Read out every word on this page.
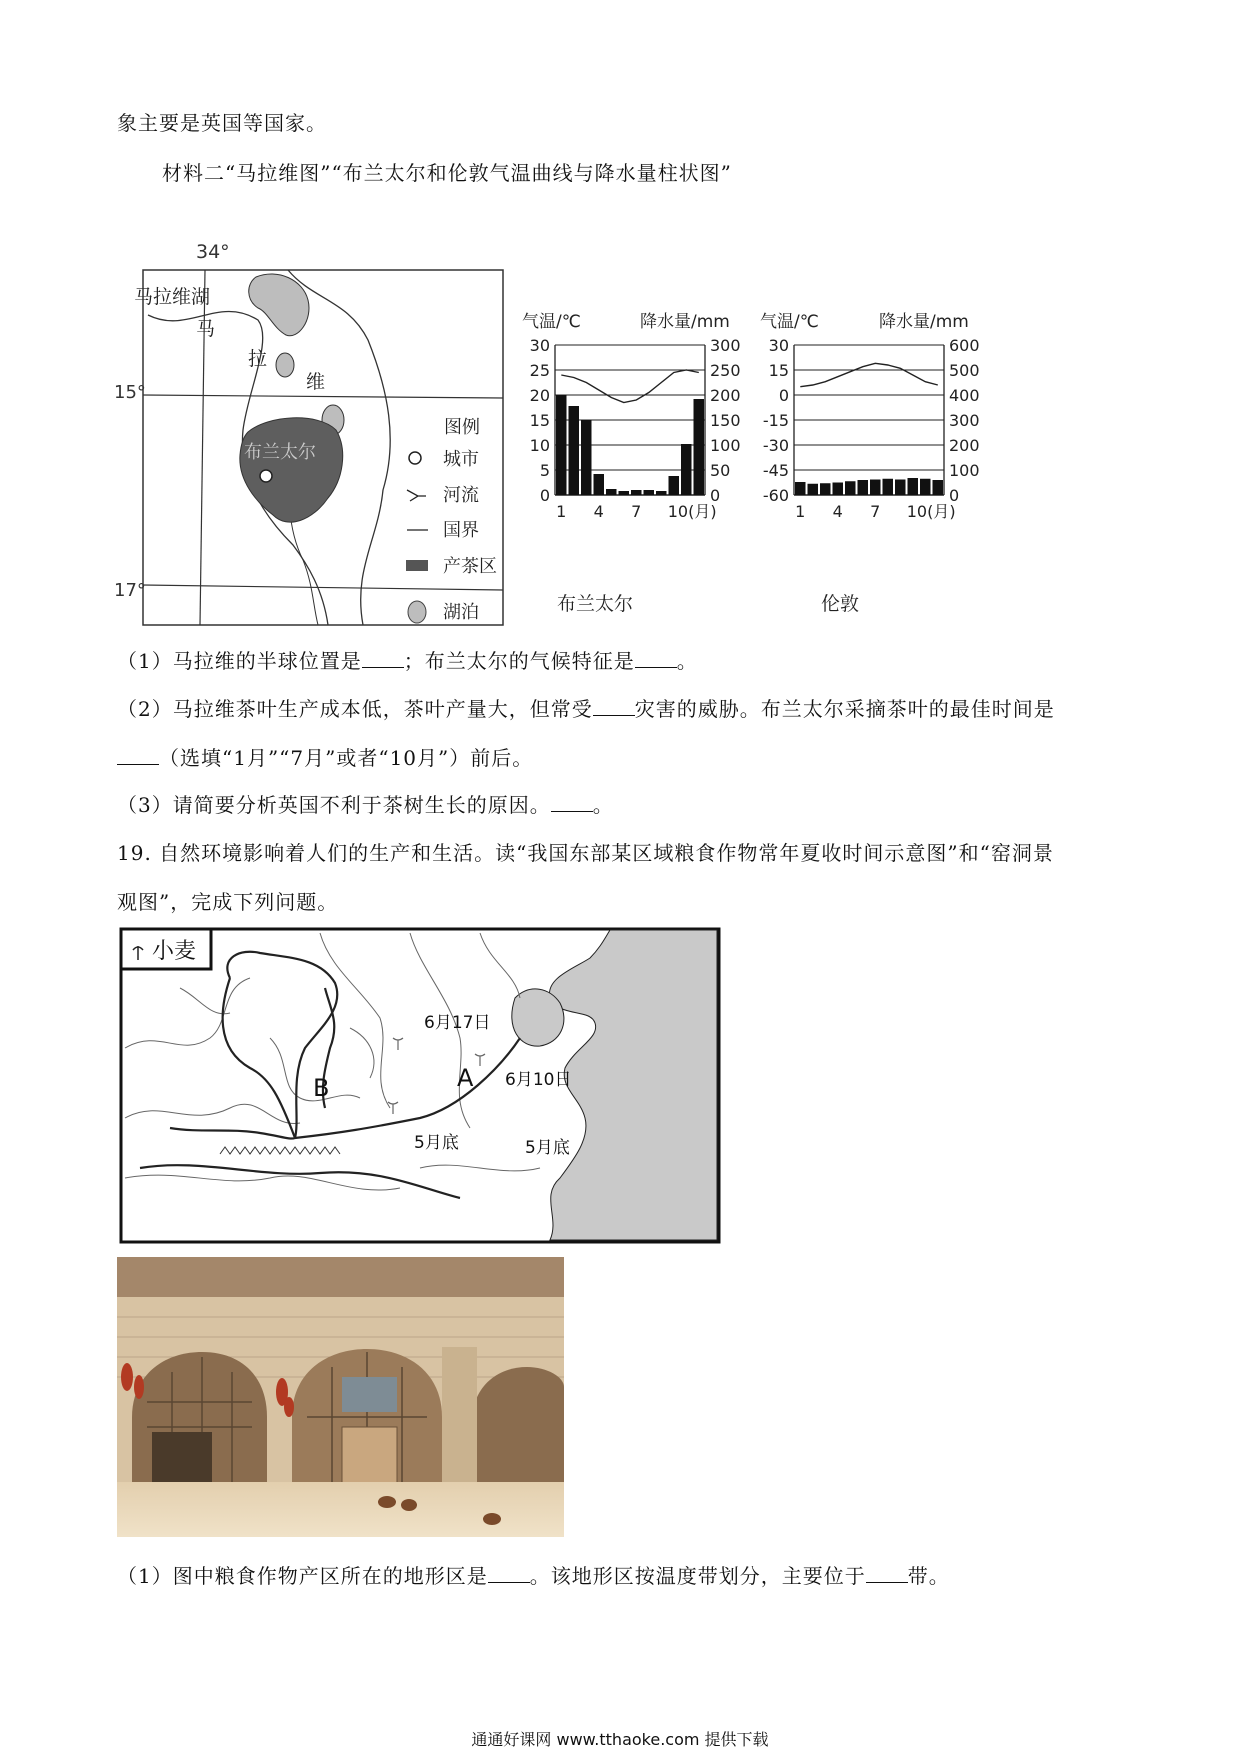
象主要是英国等国家。
材料二“马拉维图”“布兰太尔和伦敦气温曲线与降水量柱状图”
34°
15°
17°
马拉维湖
马
拉
维
布兰太尔
图例
城市
河流
国界
产茶区
湖泊
气温/℃	降水量/mm
布兰太尔
30	300
25	250
20	200
15	150
10	100
5	50
0	0
1 4 7 10(月)
气温/℃	降水量/mm
伦敦
30	600
15	500
0	400
-15	300
-30	200
-45	100
-60	0
1 4 7 10(月)
（1）马拉维的半球位置是 ；布兰太尔的气候特征是 。
（2）马拉维茶叶生产成本低，茶叶产量大，但常受 灾害的威胁。布兰太尔采摘茶叶的最佳时间是
（选填“1月”“7月”或者“10月”）前后。
（3）请简要分析英国不利于茶树生长的原因。 。
19. 自然环境影响着人们的生产和生活。读“我国东部某区域粮食作物常年夏收时间示意图”和“窑洞景
观图”，完成下列问题。
小麦
B	A
6月17日
6月10日
5月底	5月底
（1）图中粮食作物产区所在的地形区是 。该地形区按温度带划分，主要位于 带。
通通好课网 www.tthaoke.com 提供下载
